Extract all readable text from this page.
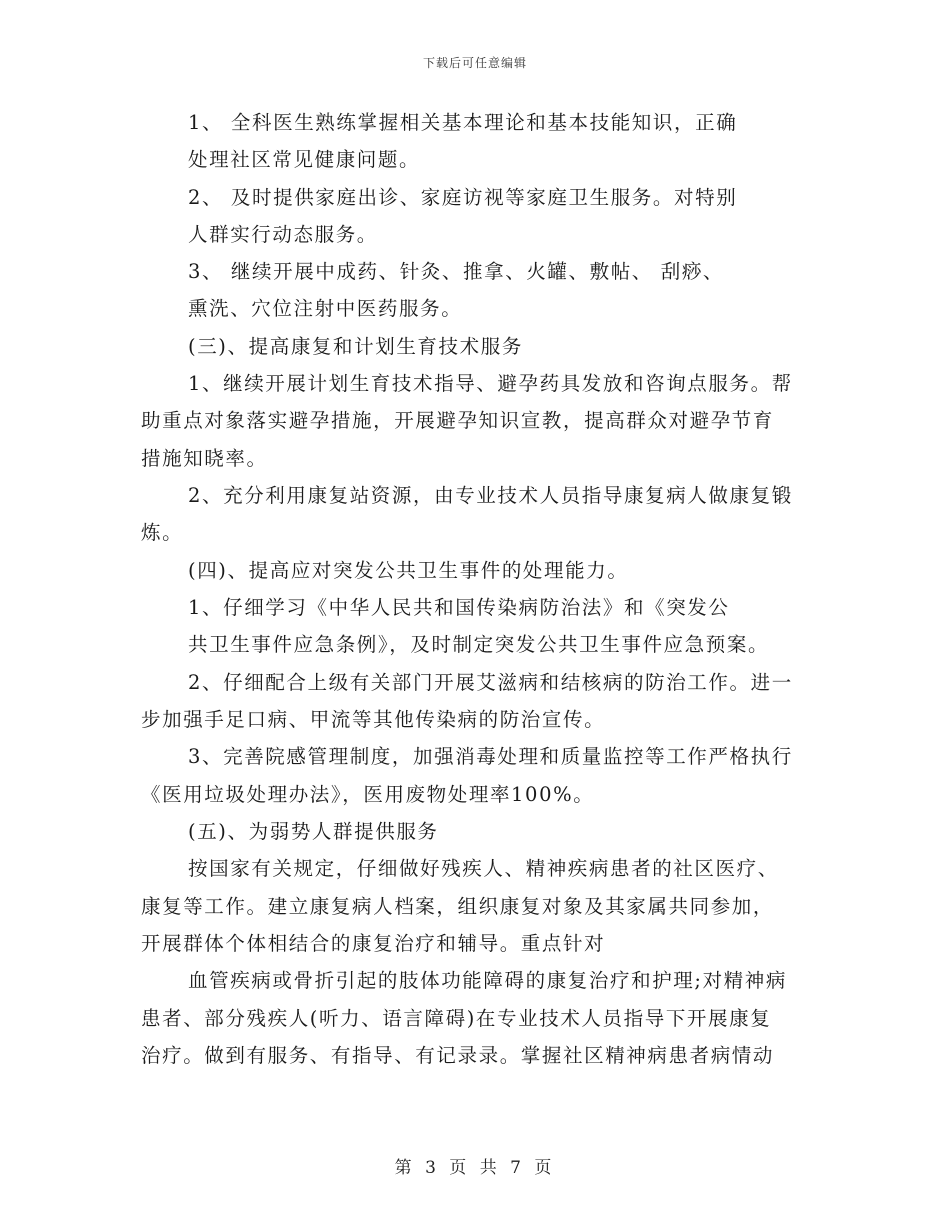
下载后可任意编辑
1、 全科医生熟练掌握相关基本理论和基本技能知识，正确
处理社区常见健康问题。
2、 及时提供家庭出诊、家庭访视等家庭卫生服务。对特别
人群实行动态服务。
3、 继续开展中成药、针灸、推拿、火罐、敷帖、 刮痧、
熏洗、穴位注射中医药服务。
(三)、提高康复和计划生育技术服务
1、继续开展计划生育技术指导、避孕药具发放和咨询点服务。帮
助重点对象落实避孕措施，开展避孕知识宣教，提高群众对避孕节育
措施知晓率。
2、充分利用康复站资源，由专业技术人员指导康复病人做康复锻
炼。
(四)、提高应对突发公共卫生事件的处理能力。
1、仔细学习《中华人民共和国传染病防治法》和《突发公
共卫生事件应急条例》，及时制定突发公共卫生事件应急预案。
2、仔细配合上级有关部门开展艾滋病和结核病的防治工作。进一
步加强手足口病、甲流等其他传染病的防治宣传。
3、完善院感管理制度，加强消毒处理和质量监控等工作严格执行
《医用垃圾处理办法》，医用废物处理率100%。
(五)、为弱势人群提供服务
按国家有关规定，仔细做好残疾人、精神疾病患者的社区医疗、
康复等工作。建立康复病人档案，组织康复对象及其家属共同参加，
开展群体个体相结合的康复治疗和辅导。重点针对
血管疾病或骨折引起的肢体功能障碍的康复治疗和护理;对精神病
患者、部分残疾人(听力、语言障碍)在专业技术人员指导下开展康复
治疗。做到有服务、有指导、有记录录。掌握社区精神病患者病情动
第 3 页 共 7 页
